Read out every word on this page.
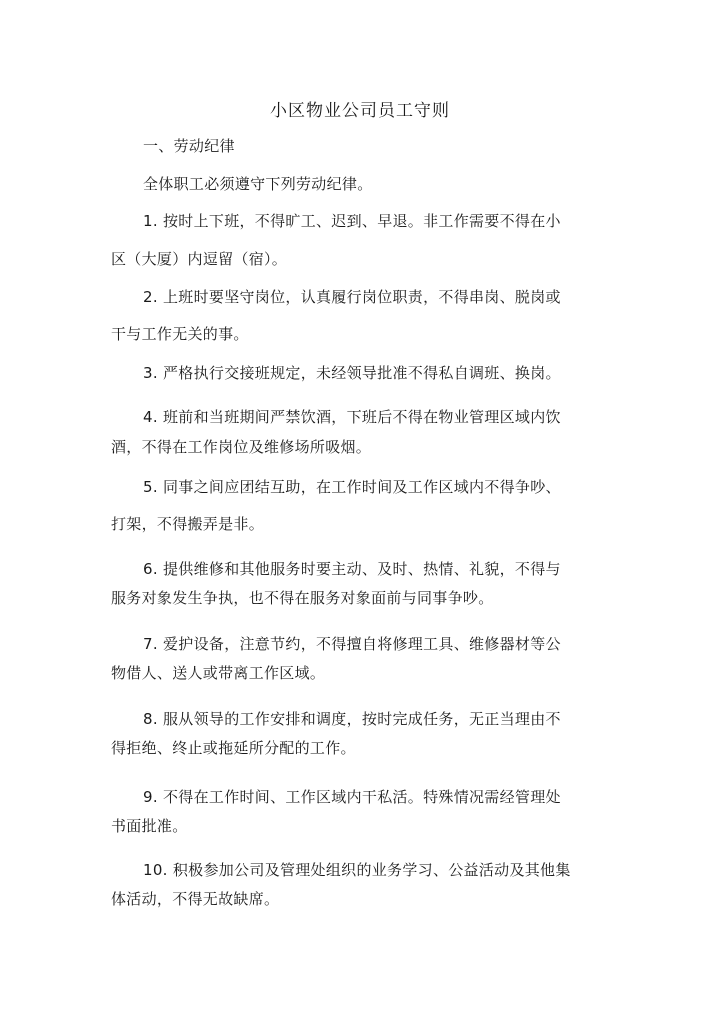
小区物业公司员工守则
一、劳动纪律
全体职工必须遵守下列劳动纪律。
1. 按时上下班，不得旷工、迟到、早退。非工作需要不得在小
区（大厦）内逗留（宿）。
2. 上班时要坚守岗位，认真履行岗位职责，不得串岗、脱岗或
干与工作无关的事。
3. 严格执行交接班规定，未经领导批准不得私自调班、换岗。
4. 班前和当班期间严禁饮酒，下班后不得在物业管理区域内饮
酒，不得在工作岗位及维修场所吸烟。
5. 同事之间应团结互助，在工作时间及工作区域内不得争吵、
打架，不得搬弄是非。
6. 提供维修和其他服务时要主动、及时、热情、礼貌，不得与
服务对象发生争执，也不得在服务对象面前与同事争吵。
7. 爱护设备，注意节约，不得擅自将修理工具、维修器材等公
物借人、送人或带离工作区域。
8. 服从领导的工作安排和调度，按时完成任务，无正当理由不
得拒绝、终止或拖延所分配的工作。
9. 不得在工作时间、工作区域内干私活。特殊情况需经管理处
书面批准。
10. 积极参加公司及管理处组织的业务学习、公益活动及其他集
体活动，不得无故缺席。
